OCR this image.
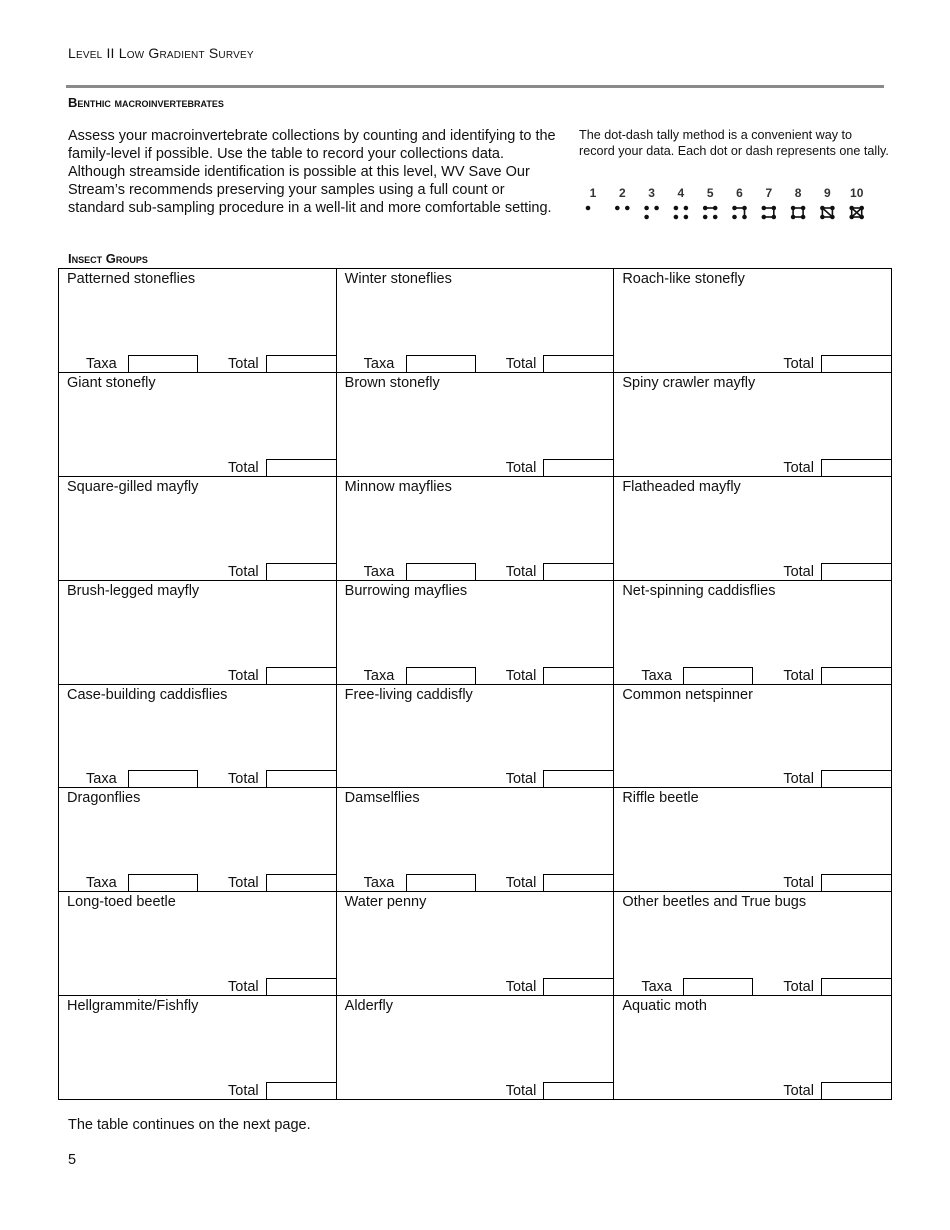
Level II Low Gradient Survey
Benthic macroinvertebrates
Assess your macroinvertebrate collections by counting and identifying to the family-level if possible. Use the table to record your collections data. Although streamside identification is possible at this level, WV Save Our Stream’s recommends preserving your samples using a full count or standard sub-sampling procedure in a well-lit and more comfortable setting.
The dot-dash tally method is a convenient way to record your data. Each dot or dash represents one tally.
1 2 3 4 5 6 7 8 9 10
Insect Groups
Patterned stoneflies
Taxa	Total
Winter stoneflies
Taxa	Total
Roach-like stonefly
Total
Giant stonefly
Total
Brown stonefly
Total
Spiny crawler mayfly
Total
Square-gilled mayfly
Total
Minnow mayflies
Taxa	Total
Flatheaded mayfly
Total
Brush-legged mayfly
Total
Burrowing mayflies
Taxa	Total
Net-spinning caddisflies
Taxa	Total
Case-building caddisflies
Taxa	Total
Free-living caddisfly
Total
Common netspinner
Total
Dragonflies
Taxa	Total
Damselflies
Taxa	Total
Riffle beetle
Total
Long-toed beetle
Total
Water penny
Total
Other beetles and True bugs
Taxa	Total
Hellgrammite/Fishfly
Total
Alderfly
Total
Aquatic moth
Total
The table continues on the next page.
5
